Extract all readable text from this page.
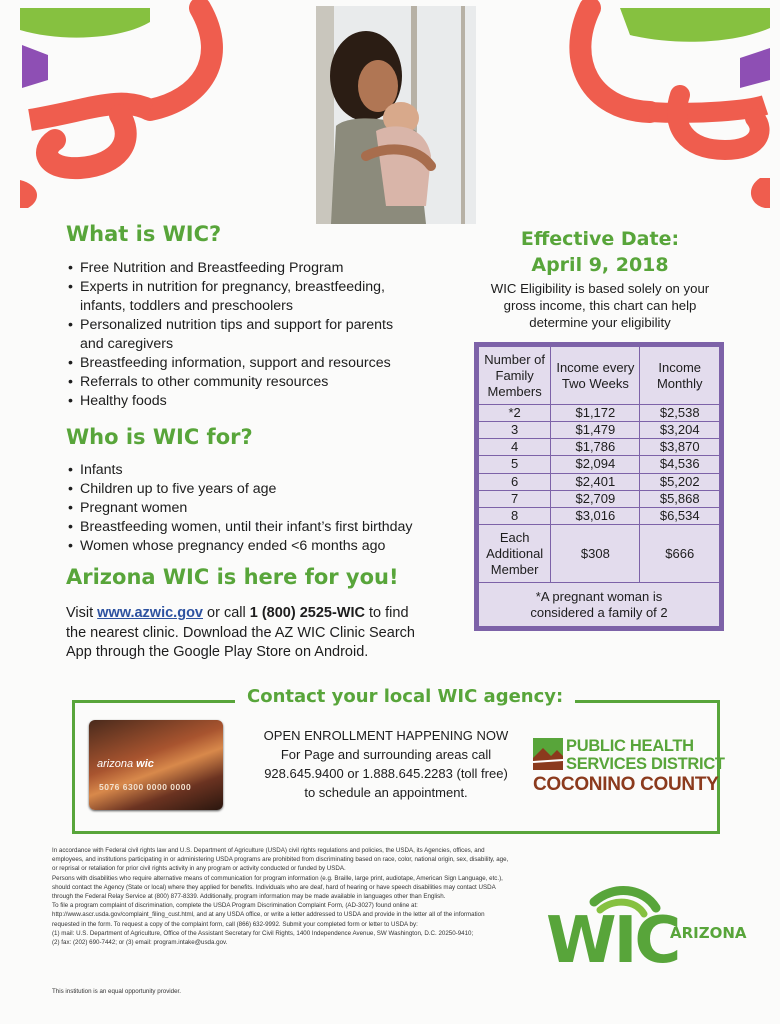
What is WIC?
• Free Nutrition and Breastfeeding Program
• Experts in nutrition for pregnancy, breastfeeding, infants, toddlers and preschoolers
• Personalized nutrition tips and support for parents and caregivers
• Breastfeeding information, support and resources
• Referrals to other community resources
• Healthy foods
Who is WIC for?
• Infants
• Children up to five years of age
• Pregnant women
• Breastfeeding women, until their infant’s first birthday
• Women whose pregnancy ended <6 months ago
Arizona WIC is here for you!
Visit www.azwic.gov or call 1 (800) 2525-WIC to find the nearest clinic. Download the AZ WIC Clinic Search App through the Google Play Store on Android.
Effective Date:
April 9, 2018
WIC Eligibility is based solely on your gross income, this chart can help determine your eligibility
Number of Family Members	Income every Two Weeks	Income Monthly
*2	$1,172	$2,538
3	$1,479	$3,204
4	$1,786	$3,870
5	$2,094	$4,536
6	$2,401	$5,202
7	$2,709	$5,868
8	$3,016	$6,534
Each Additional Member	$308	$666
*A pregnant woman is considered a family of 2		
Contact your local WIC agency:
arizona wic
5076 6300 0000 0000
OPEN ENROLLMENT HAPPENING NOW
For Page and surrounding areas call
928.645.9400 or 1.888.645.2283 (toll free)
to schedule an appointment.
PUBLIC HEALTH
SERVICES DISTRICT
COCONINO COUNTY

In accordance with Federal civil rights law and U.S. Department of Agriculture (USDA) civil rights regulations and policies, the USDA, its Agencies, offices, and employees, and institutions participating in or administering USDA programs are prohibited from discriminating based on race, color, national origin, sex, disability, age, or reprisal or retaliation for prior civil rights activity in any program or activity conducted or funded by USDA.

Persons with disabilities who require alternative means of communication for program information (e.g. Braille, large print, audiotape, American Sign Language, etc.), should contact the Agency (State or local) where they applied for benefits. Individuals who are deaf, hard of hearing or have speech disabilities may contact USDA through the Federal Relay Service at (800) 877-8339. Additionally, program information may be made available in languages other than English.

To file a program complaint of discrimination, complete the USDA Program Discrimination Complaint Form, (AD-3027) found online at: http://www.ascr.usda.gov/complaint_filing_cust.html, and at any USDA office, or write a letter addressed to USDA and provide in the letter all of the information requested in the form. To request a copy of the complaint form, call (866) 632-9992. Submit your completed form or letter to USDA by:

(1) mail: U.S. Department of Agriculture, Office of the Assistant Secretary for Civil Rights, 1400 Independence Avenue, SW Washington, D.C. 20250-9410;

(2) fax: (202) 690-7442; or (3) email: program.intake@usda.gov.

This institution is an equal opportunity provider.
WIC
ARIZONA
